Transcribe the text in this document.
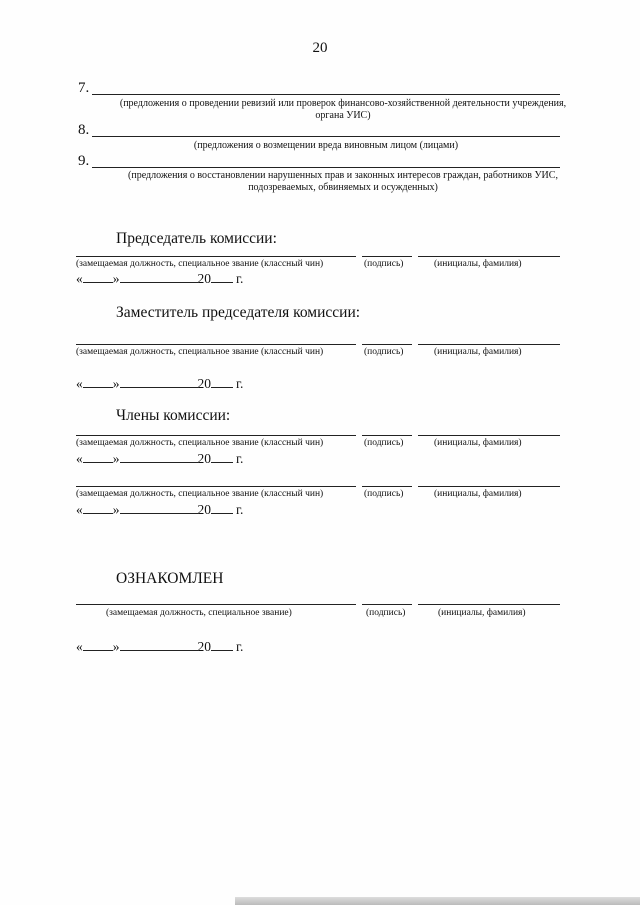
20
7.
(предложения о проведении ревизий или проверок финансово-хозяйственной деятельности учреждения, органа УИС)
8.
(предложения о возмещении вреда виновным лицом (лицами)
9.
(предложения о восстановлении нарушенных прав и законных интересов граждан, работников УИС, подозреваемых, обвиняемых и осужденных)
Председатель комиссии:
(замещаемая должность, специальное звание (классный чин)	(подпись)	(инициалы, фамилия)
« »	20 г.
Заместитель председателя комиссии:
(замещаемая должность, специальное звание (классный чин)	(подпись)	(инициалы, фамилия)
« »	20 г.
Члены комиссии:
(замещаемая должность, специальное звание (классный чин)	(подпись)	(инициалы, фамилия)
« »	20 г.
(замещаемая должность, специальное звание (классный чин)	(подпись)	(инициалы, фамилия)
« »	20 г.
ОЗНАКОМЛЕН
(замещаемая должность, специальное звание)	(подпись)	(инициалы, фамилия)
« »	20 г.
